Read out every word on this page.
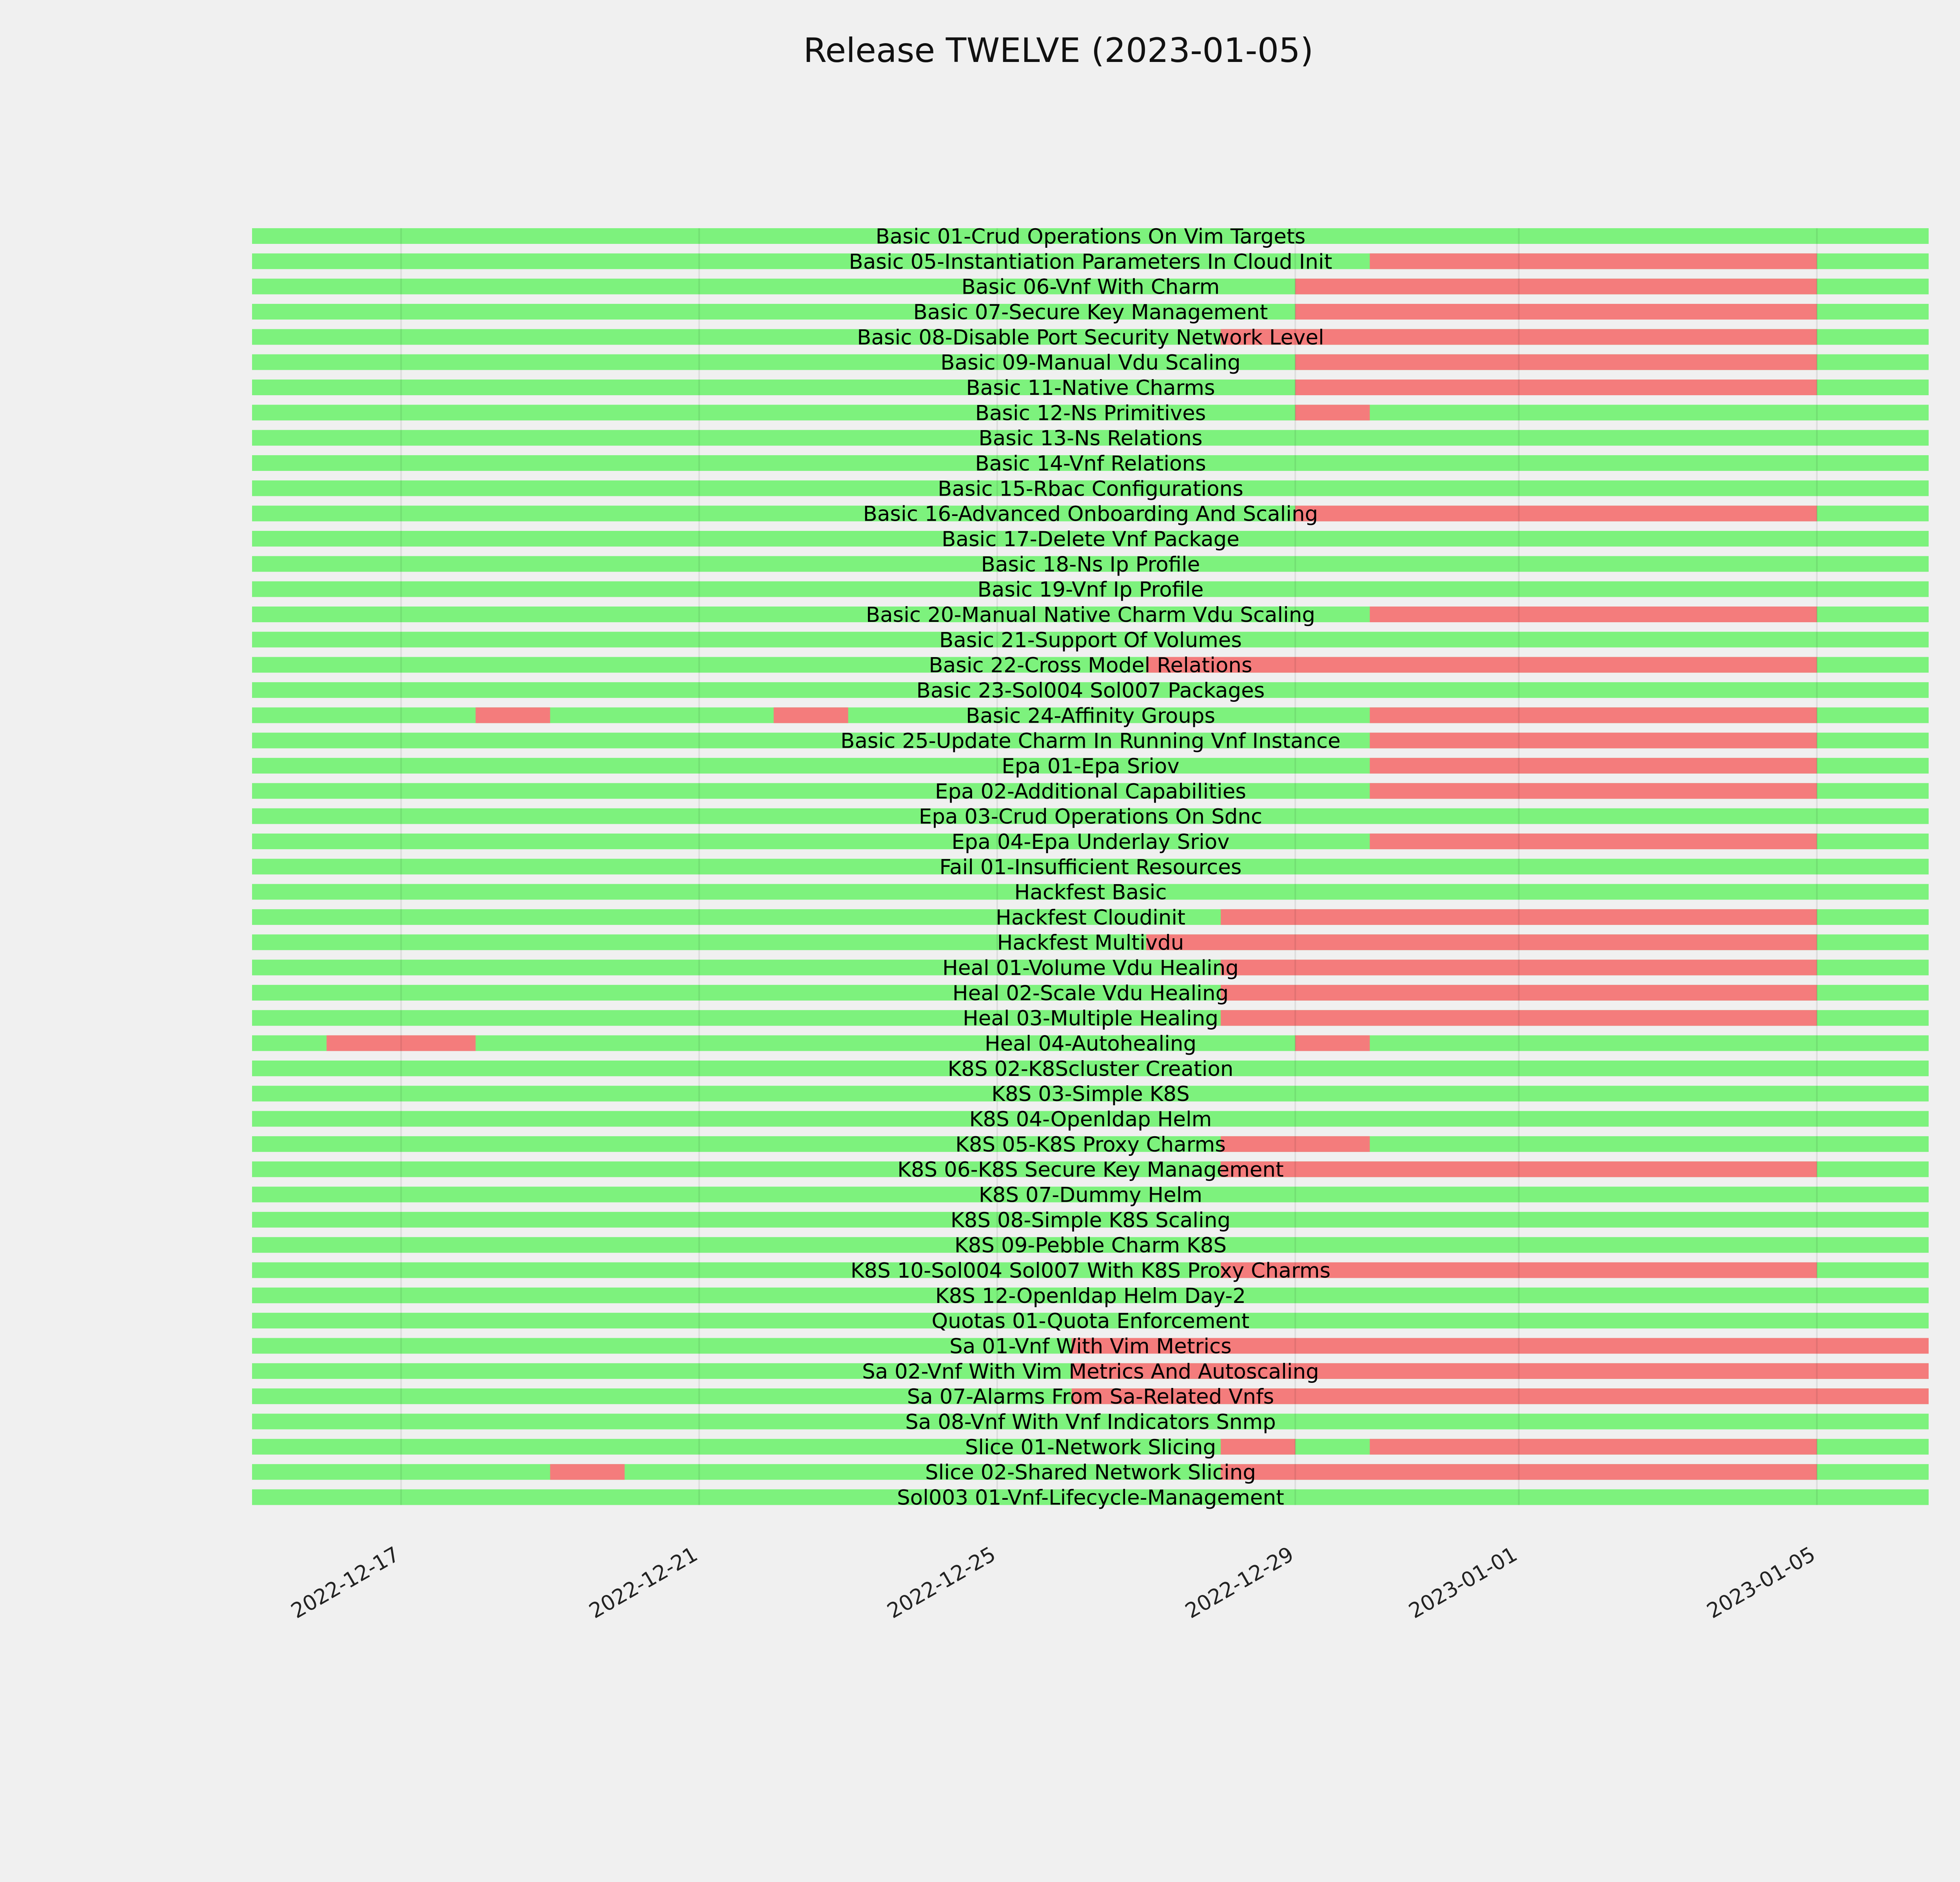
Release TWELVE (2023-01-05)
Basic 01-Crud Operations On Vim Targets
Basic 05-Instantiation Parameters In Cloud Init
Basic 06-Vnf With Charm
Basic 07-Secure Key Management
Basic 08-Disable Port Security Network Level
Basic 09-Manual Vdu Scaling
Basic 11-Native Charms
Basic 12-Ns Primitives
Basic 13-Ns Relations
Basic 14-Vnf Relations
Basic 15-Rbac Configurations
Basic 16-Advanced Onboarding And Scaling
Basic 17-Delete Vnf Package
Basic 18-Ns Ip Profile
Basic 19-Vnf Ip Profile
Basic 20-Manual Native Charm Vdu Scaling
Basic 21-Support Of Volumes
Basic 22-Cross Model Relations
Basic 23-Sol004 Sol007 Packages
Basic 24-Affinity Groups
Basic 25-Update Charm In Running Vnf Instance
Epa 01-Epa Sriov
Epa 02-Additional Capabilities
Epa 03-Crud Operations On Sdnc
Epa 04-Epa Underlay Sriov
Fail 01-Insufficient Resources
Hackfest Basic
Hackfest Cloudinit
Hackfest Multivdu
Heal 01-Volume Vdu Healing
Heal 02-Scale Vdu Healing
Heal 03-Multiple Healing
Heal 04-Autohealing
K8S 02-K8Scluster Creation
K8S 03-Simple K8S
K8S 04-Openldap Helm
K8S 05-K8S Proxy Charms
K8S 06-K8S Secure Key Management
K8S 07-Dummy Helm
K8S 08-Simple K8S Scaling
K8S 09-Pebble Charm K8S
K8S 10-Sol004 Sol007 With K8S Proxy Charms
K8S 12-Openldap Helm Day-2
Quotas 01-Quota Enforcement
Sa 01-Vnf With Vim Metrics
Sa 02-Vnf With Vim Metrics And Autoscaling
Sa 07-Alarms From Sa-Related Vnfs
Sa 08-Vnf With Vnf Indicators Snmp
Slice 01-Network Slicing
Slice 02-Shared Network Slicing
Sol003 01-Vnf-Lifecycle-Management
2022-12-17	2022-12-21	2022-12-25	2022-12-29	2023-01-01	2023-01-05
